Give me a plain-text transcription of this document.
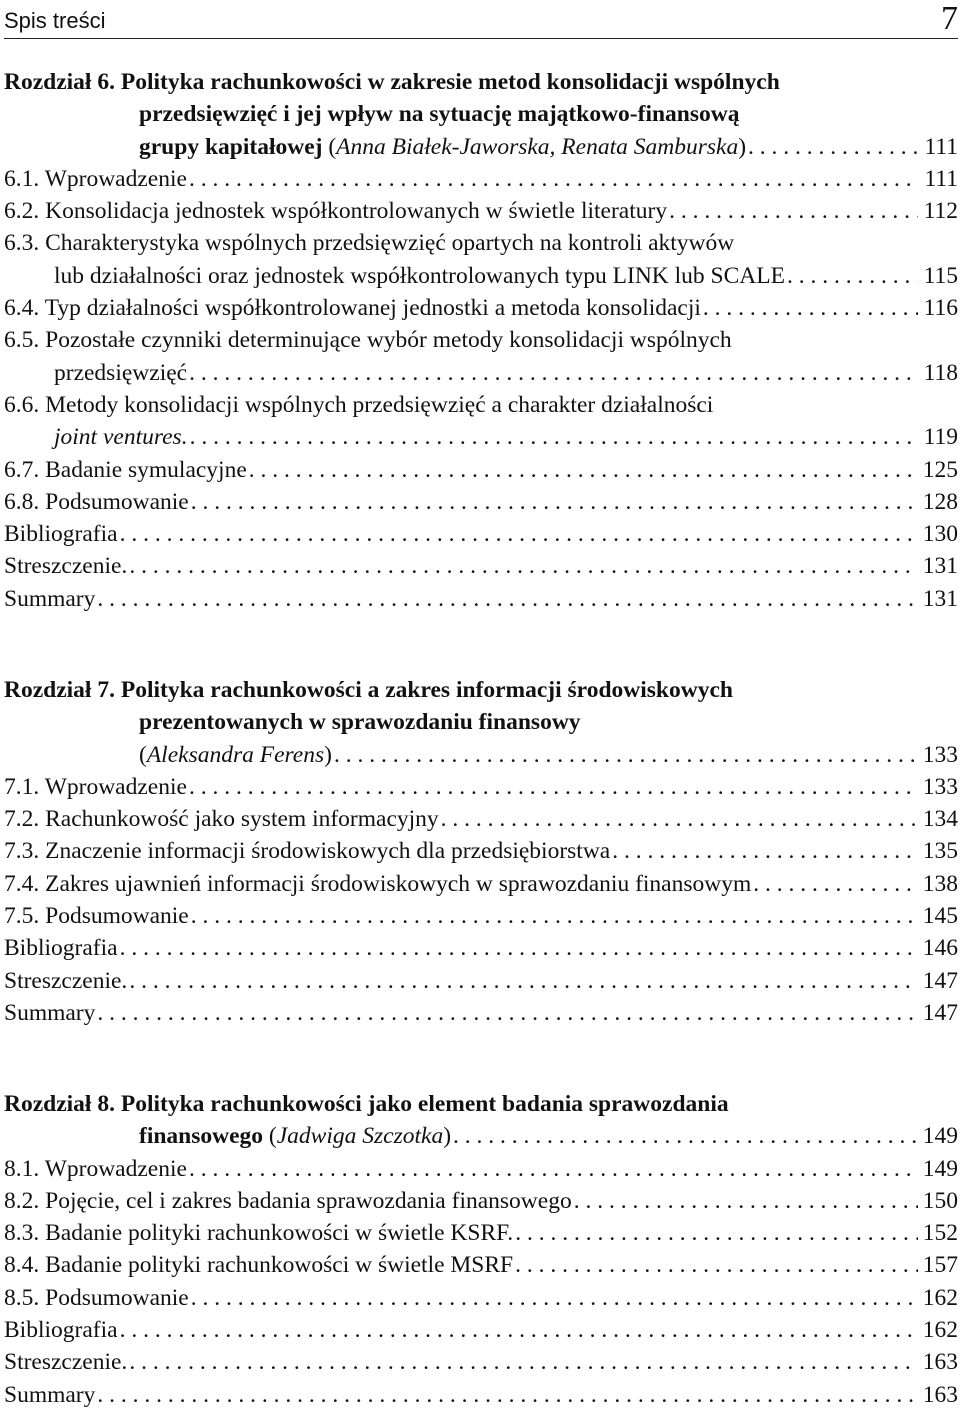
Spis treści	7
Rozdział 6. Polityka rachunkowości w zakresie metod konsolidacji wspólnych
przedsięwzięć i jej wpływ na sytuację majątkowo-finansową
grupy kapitałowej ( Anna Białek-Jaworska, Renata Samburska ) . . .	111
6.1. Wprowadzenie . . .	111
6.2. Konsolidacja jednostek współkontrolowanych w świetle literatury . . .	112
6.3. Charakterystyka wspólnych przedsięwzięć opartych na kontroli aktywów
lub działalności oraz jednostek współkontrolowanych typu LINK lub SCALE . . .	115
6.4. Typ działalności współkontrolowanej jednostki a metoda konsolidacji . . .	116
6.5. Pozostałe czynniki determinujące wybór metody konsolidacji wspólnych
przedsięwzięć . . .	118
6.6. Metody konsolidacji wspólnych przedsięwzięć a charakter działalności
joint ventures. . . .	119
6.7. Badanie symulacyjne . . .	125
6.8. Podsumowanie . . .	128
Bibliografia . . .	130
Streszczenie. . . .	131
Summary . . .	131
Rozdział 7. Polityka rachunkowości a zakres informacji środowiskowych
prezentowanych w sprawozdaniu finansowy
( Aleksandra Ferens ) . . .	133
7.1. Wprowadzenie . . .	133
7.2. Rachunkowość jako system informacyjny . . .	134
7.3. Znaczenie informacji środowiskowych dla przedsiębiorstwa . . .	135
7.4. Zakres ujawnień informacji środowiskowych w sprawozdaniu finansowym . . .	138
7.5. Podsumowanie . . .	145
Bibliografia . . .	146
Streszczenie. . . .	147
Summary . . .	147
Rozdział 8. Polityka rachunkowości jako element badania sprawozdania
finansowego ( Jadwiga Szczotka ) . . .	149
8.1. Wprowadzenie . . .	149
8.2. Pojęcie, cel i zakres badania sprawozdania finansowego . . .	150
8.3. Badanie polityki rachunkowości w świetle KSRF. . . .	152
8.4. Badanie polityki rachunkowości w świetle MSRF . . .	157
8.5. Podsumowanie . . .	162
Bibliografia . . .	162
Streszczenie. . . .	163
Summary . . .	163
